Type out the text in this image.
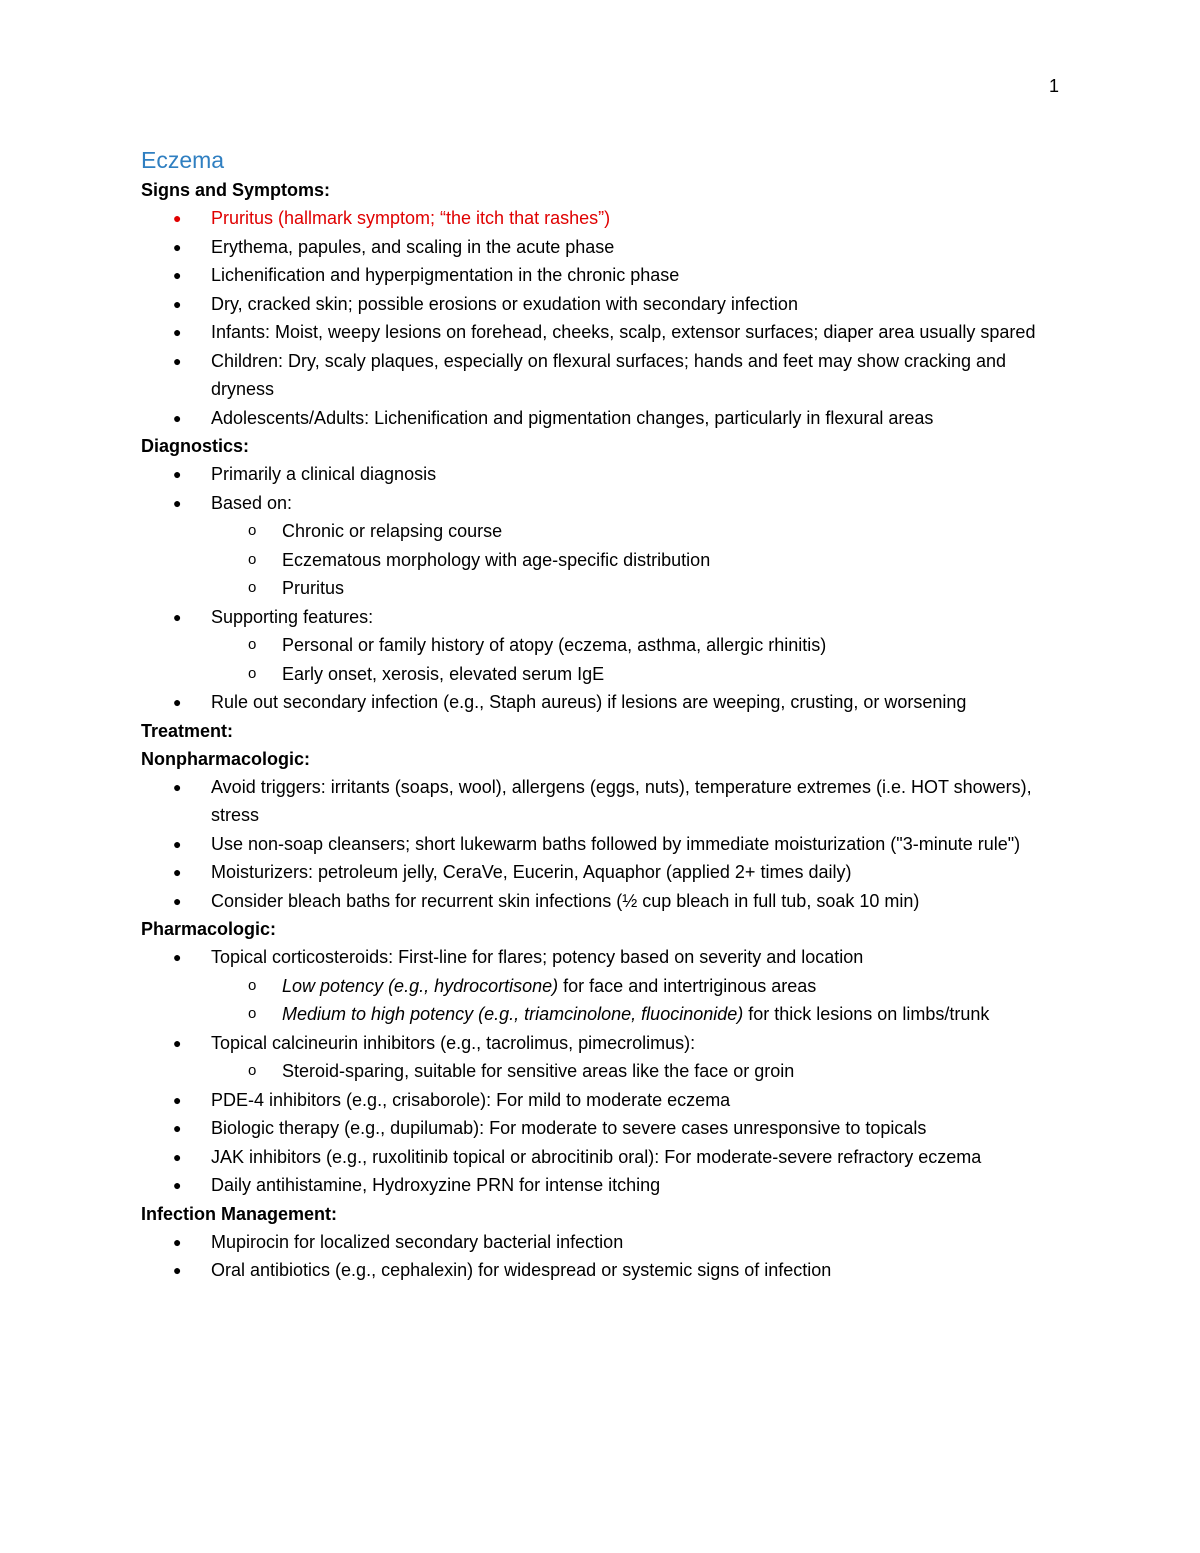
1
Eczema

Signs and Symptoms:

● Pruritus (hallmark symptom; “the itch that rashes”)
● Erythema, papules, and scaling in the acute phase
● Lichenification and hyperpigmentation in the chronic phase
● Dry, cracked skin; possible erosions or exudation with secondary infection
● Infants: Moist, weepy lesions on forehead, cheeks, scalp, extensor surfaces; diaper area usually spared
● Children: Dry, scaly plaques, especially on flexural surfaces; hands and feet may show cracking and dryness
● Adolescents/Adults: Lichenification and pigmentation changes, particularly in flexural areas

Diagnostics:

● Primarily a clinical diagnosis
● Based on:
o Chronic or relapsing course
o Eczematous morphology with age-specific distribution
o Pruritus
● Supporting features:
o Personal or family history of atopy (eczema, asthma, allergic rhinitis)
o Early onset, xerosis, elevated serum IgE
● Rule out secondary infection (e.g., Staph aureus) if lesions are weeping, crusting, or worsening

Treatment:

Nonpharmacologic:

● Avoid triggers: irritants (soaps, wool), allergens (eggs, nuts), temperature extremes (i.e. HOT showers), stress
● Use non-soap cleansers; short lukewarm baths followed by immediate moisturization ("3-minute rule")
● Moisturizers: petroleum jelly, CeraVe, Eucerin, Aquaphor (applied 2+ times daily)
● Consider bleach baths for recurrent skin infections (½ cup bleach in full tub, soak 10 min)

Pharmacologic:

● Topical corticosteroids: First-line for flares; potency based on severity and location
o Low potency (e.g., hydrocortisone) for face and intertriginous areas
o Medium to high potency (e.g., triamcinolone, fluocinonide) for thick lesions on limbs/trunk
● Topical calcineurin inhibitors (e.g., tacrolimus, pimecrolimus):
o Steroid-sparing, suitable for sensitive areas like the face or groin
● PDE-4 inhibitors (e.g., crisaborole): For mild to moderate eczema
● Biologic therapy (e.g., dupilumab): For moderate to severe cases unresponsive to topicals
● JAK inhibitors (e.g., ruxolitinib topical or abrocitinib oral): For moderate-severe refractory eczema
● Daily antihistamine, Hydroxyzine PRN for intense itching

Infection Management:

● Mupirocin for localized secondary bacterial infection
● Oral antibiotics (e.g., cephalexin) for widespread or systemic signs of infection
